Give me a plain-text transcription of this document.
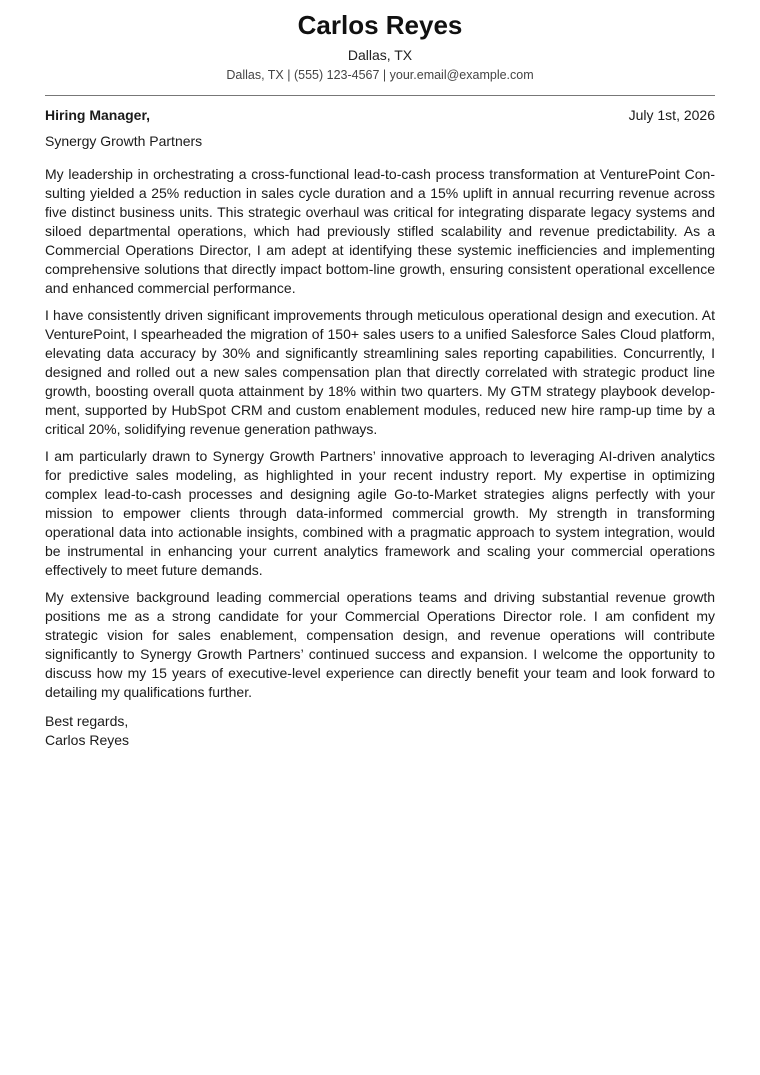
Carlos Reyes
Dallas, TX
Dallas, TX | (555) 123-4567 | your.email@example.com
Hiring Manager,	July 1st, 2026
Synergy Growth Partners

My leadership in orchestrating a cross-functional lead-to-cash process transformation at VenturePoint Consulting yielded a 25% reduction in sales cycle duration and a 15% uplift in annual recurring revenue across five distinct business units. This strategic overhaul was critical for integrating disparate legacy systems and siloed departmental operations, which had previously stifled scalability and revenue predictability. As a Commercial Operations Director, I am adept at identifying these systemic inefficiencies and implementing comprehensive solutions that directly impact bottom-line growth, ensuring consistent operational excellence and enhanced commercial performance.

I have consistently driven significant improvements through meticulous operational design and execution. At VenturePoint, I spearheaded the migration of 150+ sales users to a unified Salesforce Sales Cloud platform, elevating data accuracy by 30% and significantly streamlining sales reporting capabilities. Concurrently, I designed and rolled out a new sales compensation plan that directly correlated with strategic product line growth, boosting overall quota attainment by 18% within two quarters. My GTM strategy playbook development, supported by HubSpot CRM and custom enablement modules, reduced new hire ramp-up time by a critical 20%, solidifying revenue generation pathways.

I am particularly drawn to Synergy Growth Partners’ innovative approach to leveraging AI-driven analytics for predictive sales modeling, as highlighted in your recent industry report. My expertise in optimizing complex lead-to-cash processes and designing agile Go-to-Market strategies aligns perfectly with your mission to empower clients through data-informed commercial growth. My strength in transforming operational data into actionable insights, combined with a pragmatic approach to system integration, would be instrumental in enhancing your current analytics framework and scaling your commercial operations effectively to meet future demands.

My extensive background leading commercial operations teams and driving substantial revenue growth positions me as a strong candidate for your Commercial Operations Director role. I am confident my strategic vision for sales enablement, compensation design, and revenue operations will contribute significantly to Synergy Growth Partners’ continued success and expansion. I welcome the opportunity to discuss how my 15 years of executive-level experience can directly benefit your team and look forward to detailing my qualifications further.

Best regards,
Carlos Reyes
